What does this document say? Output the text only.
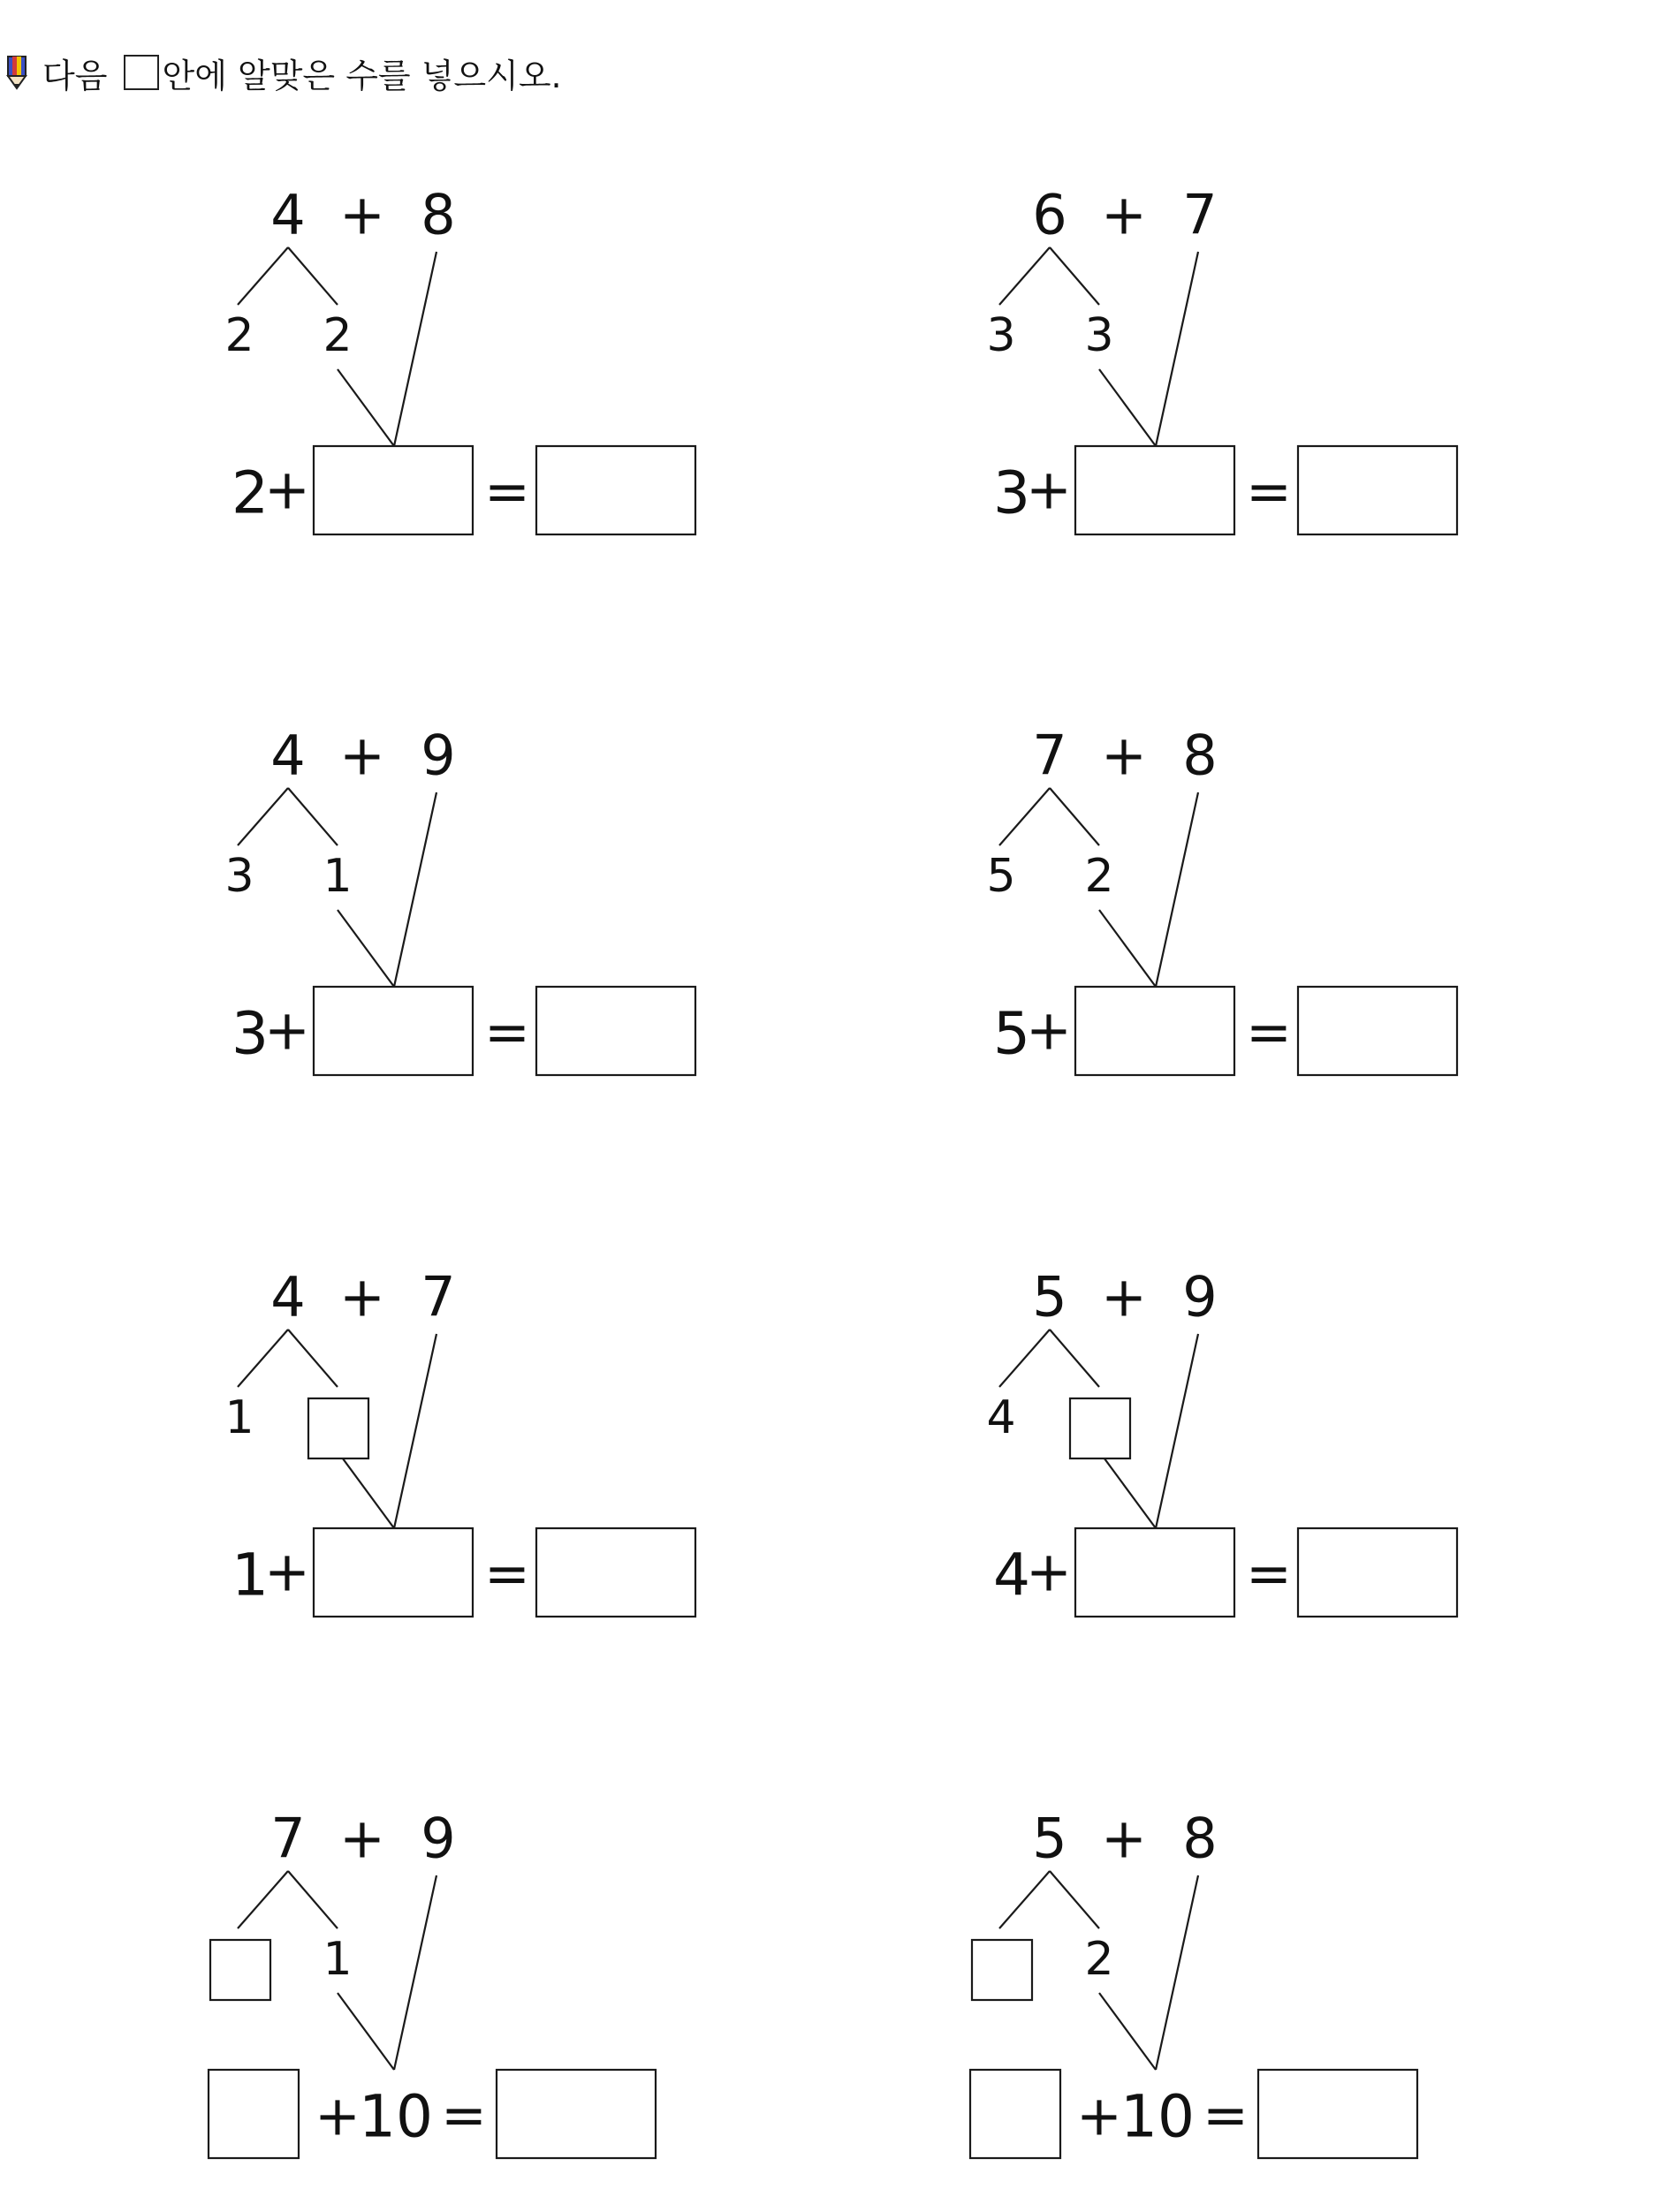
다음
안에 알맞은 수를 넣으시오.
4 + 8
2 2
2
+	=
6 + 7
3 3
3
+	=
4 + 9
3 1
3
+	=
7 + 8
5 2
5
+	=
4 + 7
1
1
+	=
5 + 9
4
4
+	=
7 + 9
1
+
10 =
5 + 8
2
+
10 =
